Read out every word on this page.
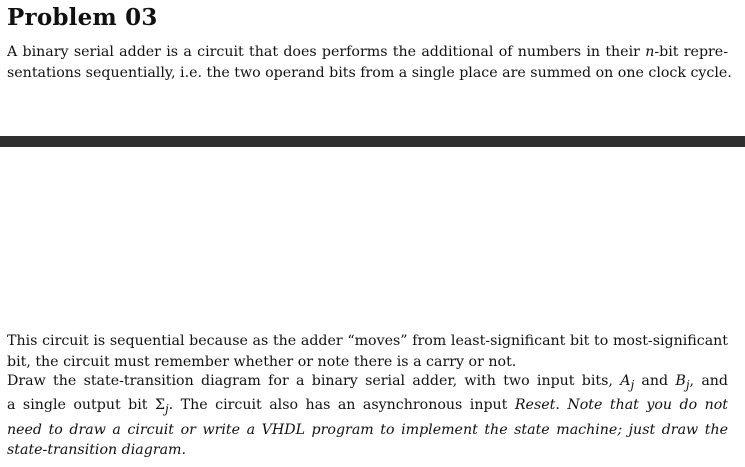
Problem 03
A binary serial adder is a circuit that does performs the additional of numbers in their n-bit repre-
sentations sequentially, i.e. the two operand bits from a single place are summed on one clock cycle.
This circuit is sequential because as the adder “moves” from least-significant bit to most-significant
bit, the circuit must remember whether or note there is a carry or not.
Draw the state-transition diagram for a binary serial adder, with two input bits, $A_j$ and $B_j$, and
a single output bit $\Sigma_j$. The circuit also has an asynchronous input Reset. Note that you do not
need to draw a circuit or write a VHDL program to implement the state machine; just draw the
state-transition diagram.
